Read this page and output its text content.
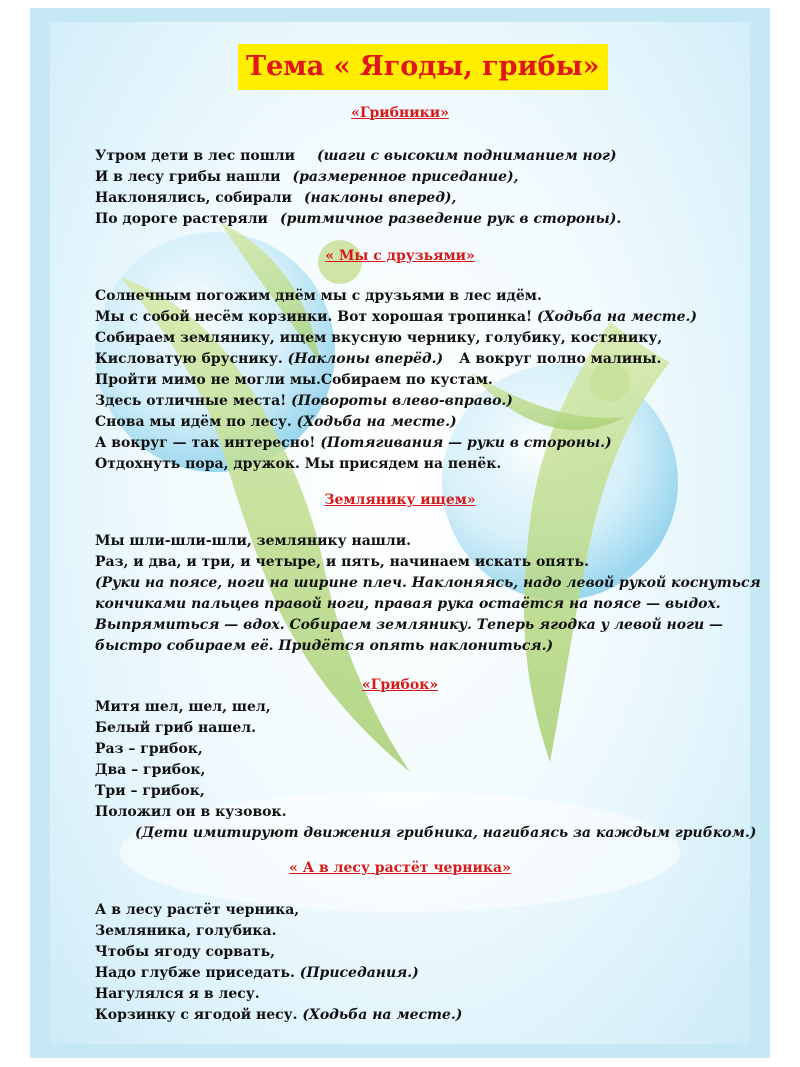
Тема « Ягоды, грибы»
«Грибники»
Утром дети в лес пошли (шаги с высоким подниманием ног)
И в лесу грибы нашли (размеренное приседание),
Наклонялись, собирали (наклоны вперед),
По дороге растеряли (ритмичное разведение рук в стороны).
« Мы с друзьями»
Солнечным погожим днём мы с друзьями в лес идём.
Мы с собой несём корзинки. Вот хорошая тропинка! (Ходьба на месте.)
Собираем землянику, ищем вкусную чернику, голубику, костянику,
Кисловатую бруснику. (Наклоны вперёд.) А вокруг полно малины.
Пройти мимо не могли мы.Собираем по кустам.
Здесь отличные места! (Повороты влево-вправо.)
Снова мы идём по лесу. (Ходьба на месте.)
А вокруг — так интересно! (Потягивания — руки в стороны.)
Отдохнуть пора, дружок. Мы присядем на пенёк.
Землянику ищем»
Мы шли-шли-шли, землянику нашли.
Раз, и два, и три, и четыре, и пять, начинаем искать опять.
(Руки на поясе, ноги на ширине плеч. Наклоняясь, надо левой рукой коснуться
кончиками пальцев правой ноги, правая рука остаётся на поясе — выдох.
Выпрямиться — вдох. Собираем землянику. Теперь ягодка у левой ноги —
быстро собираем её. Придётся опять наклониться.)
«Грибок»
Митя шел, шел, шел,
Белый гриб нашел.
Раз – грибок,
Два – грибок,
Три – грибок,
Положил он в кузовок.
(Дети имитируют движения грибника, нагибаясь за каждым грибком.)
« А в лесу растёт черника»
А в лесу растёт черника,
Земляника, голубика.
Чтобы ягоду сорвать,
Надо глубже приседать. (Приседания.)
Нагулялся я в лесу.
Корзинку с ягодой несу. (Ходьба на месте.)
